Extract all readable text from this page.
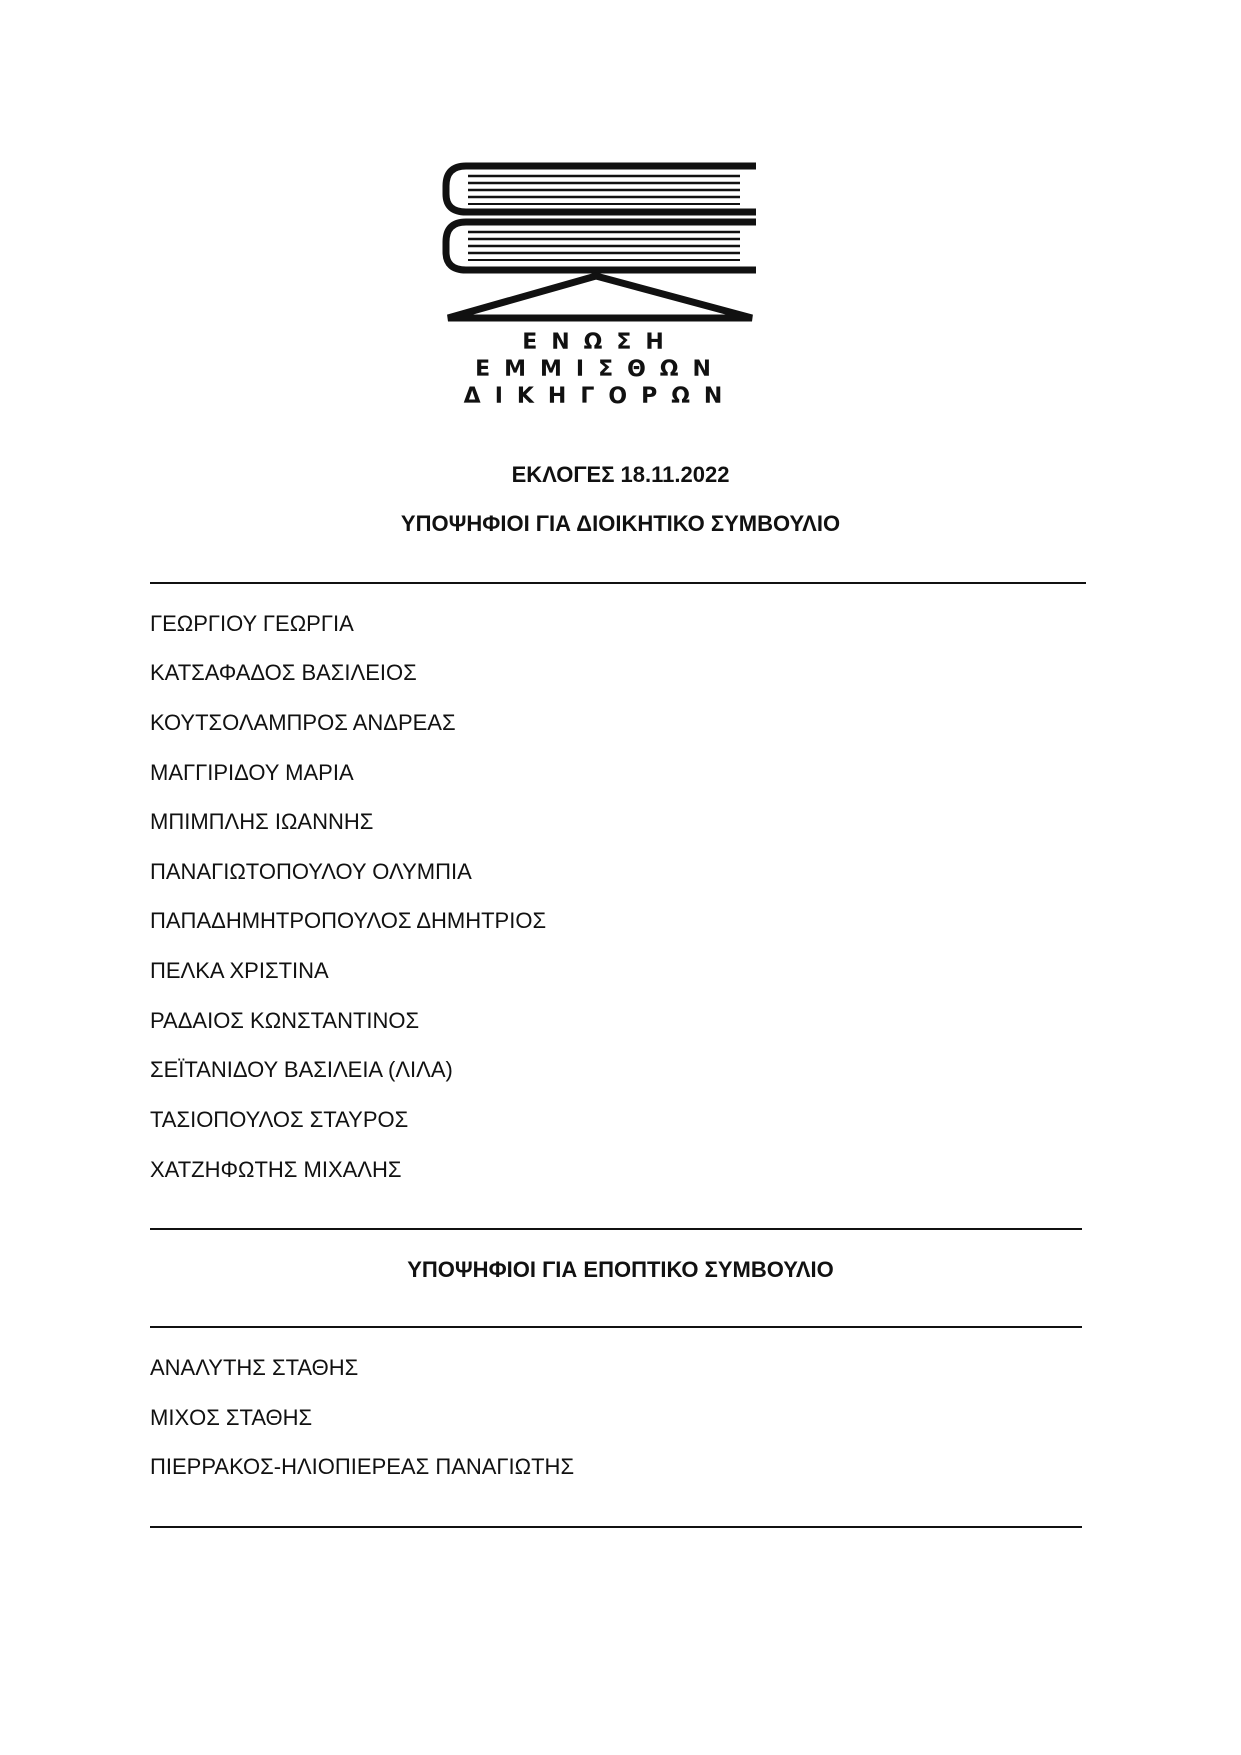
ΕΝΩΣΗ
ΕΜΜΙΣΘΩΝ
ΔΙΚΗΓΟΡΩΝ
ΕΚΛΟΓΕΣ 18.11.2022
ΥΠΟΨΗΦΙΟΙ ΓΙΑ ΔΙΟΙΚΗΤΙΚΟ ΣΥΜΒΟΥΛΙΟ
ΓΕΩΡΓΙΟΥ ΓΕΩΡΓΙΑ
ΚΑΤΣΑΦΑΔΟΣ ΒΑΣΙΛΕΙΟΣ
ΚΟΥΤΣΟΛΑΜΠΡΟΣ ΑΝΔΡΕΑΣ
ΜΑΓΓΙΡΙΔΟΥ ΜΑΡΙΑ
ΜΠΙΜΠΛΗΣ ΙΩΑΝΝΗΣ
ΠΑΝΑΓΙΩΤΟΠΟΥΛΟΥ ΟΛΥΜΠΙΑ
ΠΑΠΑΔΗΜΗΤΡΟΠΟΥΛΟΣ ΔΗΜΗΤΡΙΟΣ
ΠΕΛΚΑ ΧΡΙΣΤΙΝΑ
ΡΑΔΑΙΟΣ ΚΩΝΣΤΑΝΤΙΝΟΣ
ΣΕΪΤΑΝΙΔΟΥ ΒΑΣΙΛΕΙΑ (ΛΙΛΑ)
ΤΑΣΙΟΠΟΥΛΟΣ ΣΤΑΥΡΟΣ
ΧΑΤΖΗΦΩΤΗΣ ΜΙΧΑΛΗΣ
ΥΠΟΨΗΦΙΟΙ ΓΙΑ ΕΠΟΠΤΙΚΟ ΣΥΜΒΟΥΛΙΟ
ΑΝΑΛΥΤΗΣ ΣΤΑΘΗΣ
ΜΙΧΟΣ ΣΤΑΘΗΣ
ΠΙΕΡΡΑΚΟΣ-ΗΛΙΟΠΙΕΡΕΑΣ ΠΑΝΑΓΙΩΤΗΣ
